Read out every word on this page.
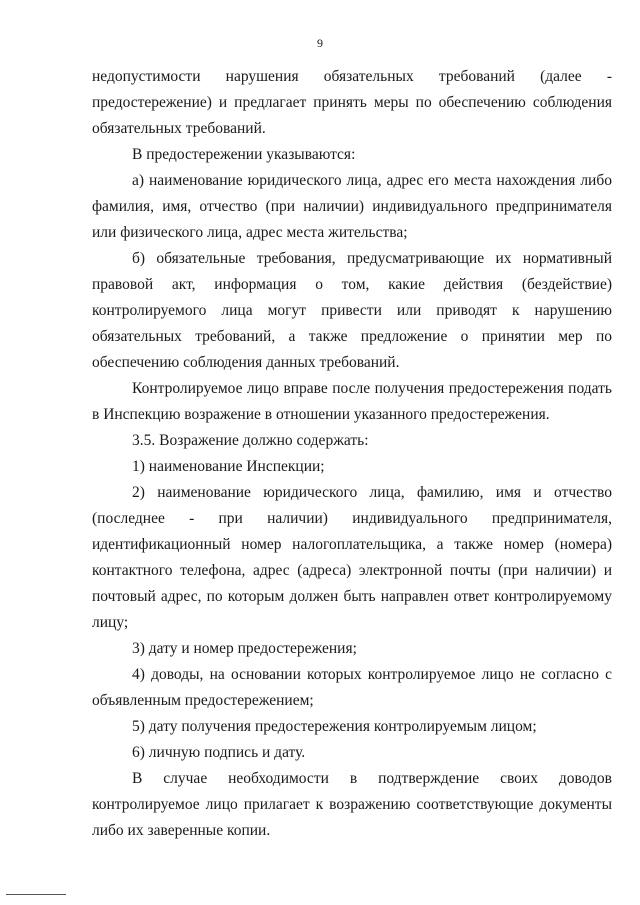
9

недопустимости нарушения обязательных требований (далее - предостережение) и предлагает принять меры по обеспечению соблюдения обязательных требований.

В предостережении указываются:

а) наименование юридического лица, адрес его места нахождения либо фамилия, имя, отчество (при наличии) индивидуального предпринимателя или физического лица, адрес места жительства;

б) обязательные требования, предусматривающие их нормативный правовой акт, информация о том, какие действия (бездействие) контролируемого лица могут привести или приводят к нарушению обязательных требований, а также предложение о принятии мер по обеспечению соблюдения данных требований.

Контролируемое лицо вправе после получения предостережения подать в Инспекцию возражение в отношении указанного предостережения.

3.5. Возражение должно содержать:

1) наименование Инспекции;

2) наименование юридического лица, фамилию, имя и отчество (последнее - при наличии) индивидуального предпринимателя, идентификационный номер налогоплательщика, а также номер (номера) контактного телефона, адрес (адреса) электронной почты (при наличии) и почтовый адрес, по которым должен быть направлен ответ контролируемому лицу;

3) дату и номер предостережения;

4) доводы, на основании которых контролируемое лицо не согласно с объявленным предостережением;

5) дату получения предостережения контролируемым лицом;

6) личную подпись и дату.

В случае необходимости в подтверждение своих доводов контролируемое лицо прилагает к возражению соответствующие документы либо их заверенные копии.
